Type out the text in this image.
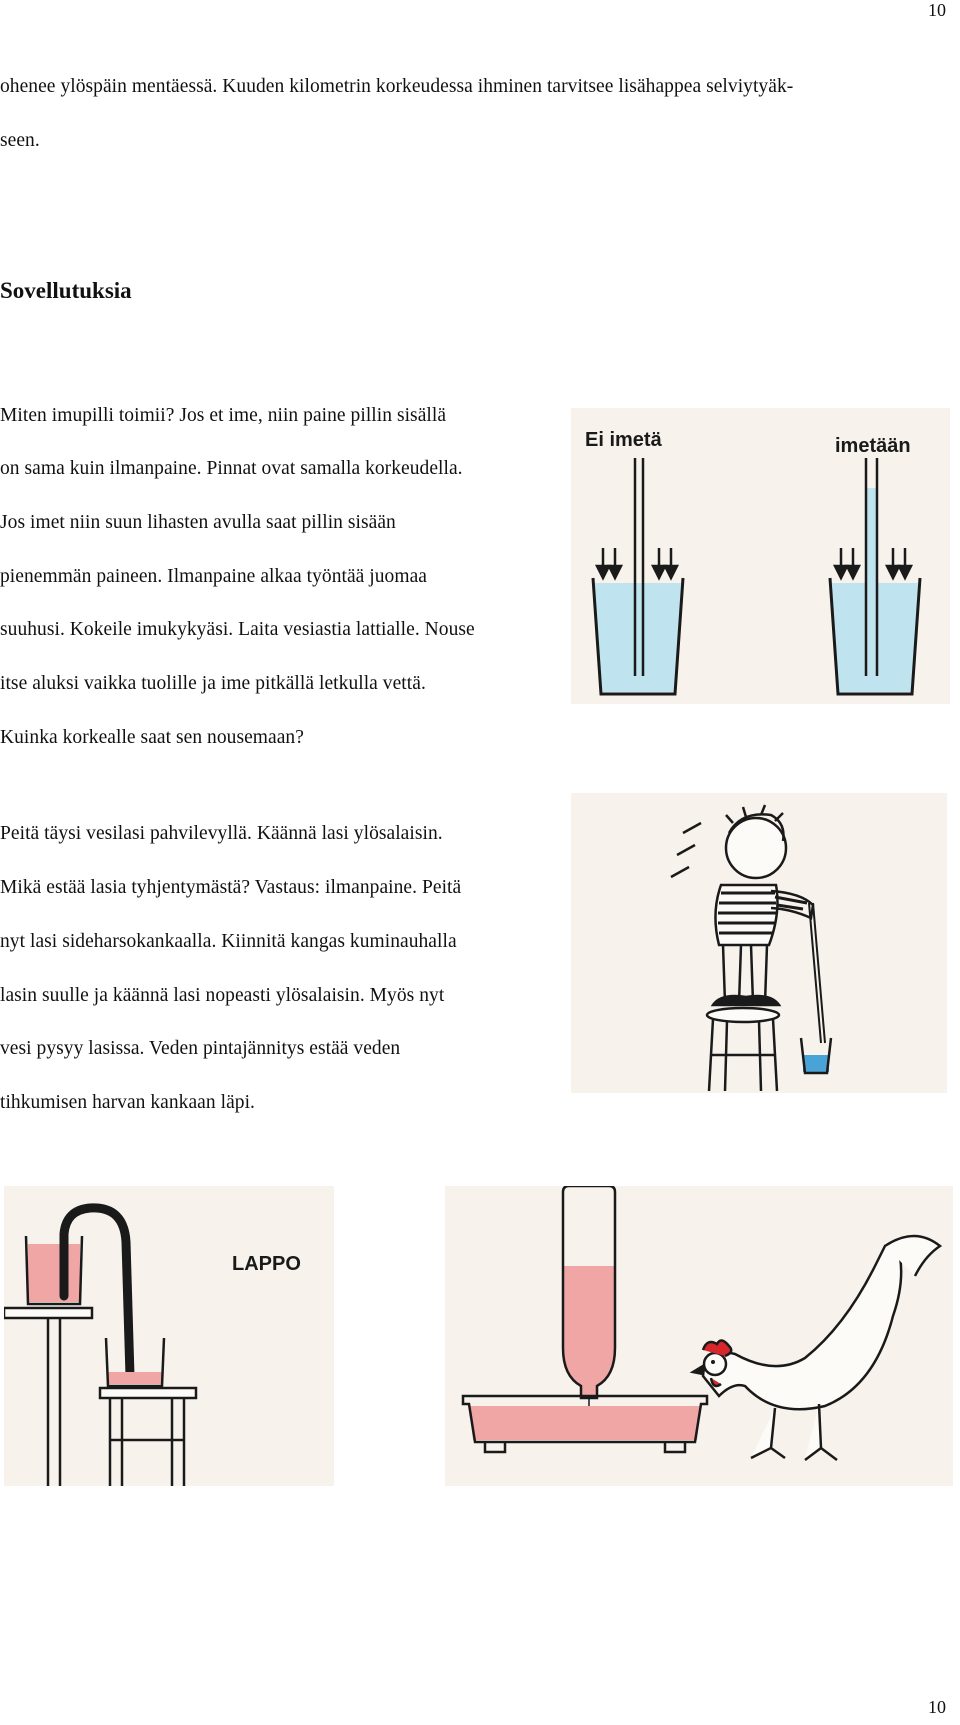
10
10
ohenee ylöspäin mentäessä. Kuuden kilometrin korkeudessa ihminen tarvitsee lisähappea selviytyäk-
seen.
Sovellutuksia
Miten imupilli toimii? Jos et ime, niin paine pillin sisällä
on sama kuin ilmanpaine. Pinnat ovat samalla korkeudella.
Jos imet niin suun lihasten avulla saat pillin sisään
pienemmän paineen. Ilmanpaine alkaa työntää juomaa
suuhusi. Kokeile imukykyäsi. Laita vesiastia lattialle. Nouse
itse aluksi vaikka tuolille ja ime pitkällä letkulla vettä.
Kuinka korkealle saat sen nousemaan?
Peitä täysi vesilasi pahvilevyllä. Käännä lasi ylösalaisin.
Mikä estää lasia tyhjentymästä? Vastaus: ilmanpaine. Peitä
nyt lasi sideharsokankaalla. Kiinnitä kangas kuminauhalla
lasin suulle ja käännä lasi nopeasti ylösalaisin. Myös nyt
vesi pysyy lasissa. Veden pintajännitys estää veden
tihkumisen harvan kankaan läpi.
Ei imetä	imetään
LAPPO
